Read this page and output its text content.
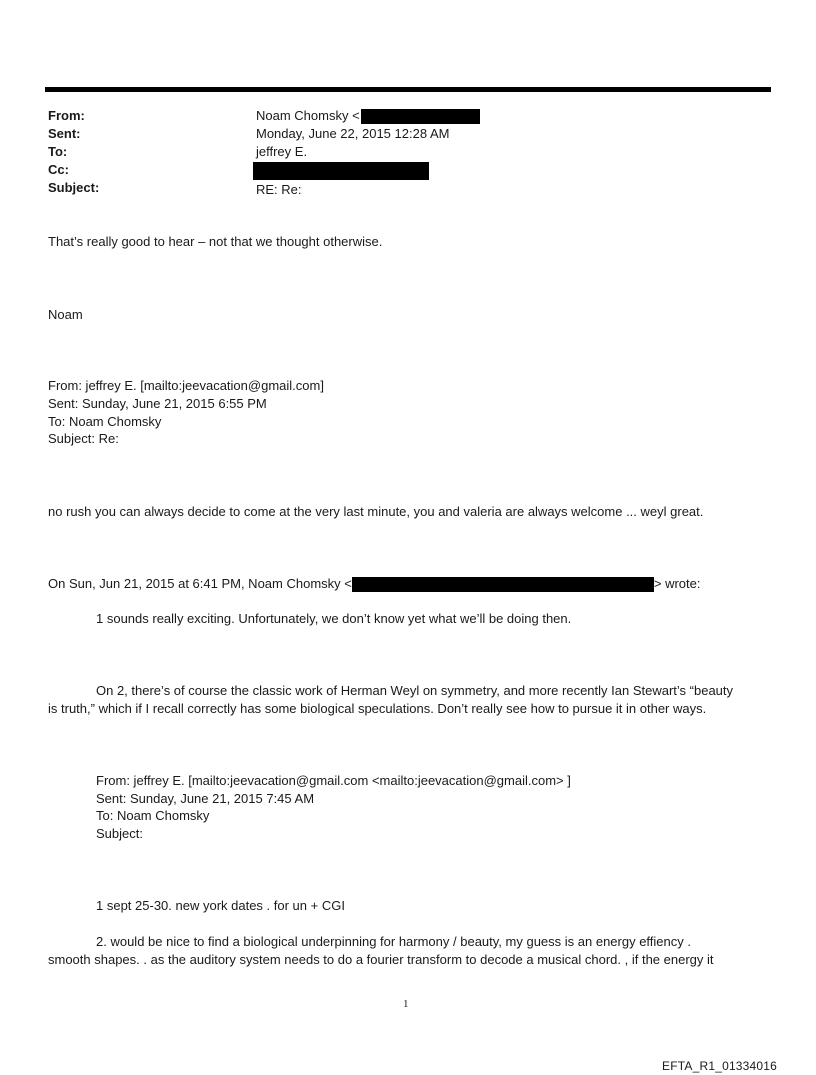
From:	Noam Chomsky <
Sent:	Monday, June 22, 2015 12:28 AM
To:	jeffrey E.
Cc:
Subject:	RE: Re:
That’s really good to hear – not that we thought otherwise.
Noam
From: jeffrey E. [mailto:jeevacation@gmail.com]
Sent: Sunday, June 21, 2015 6:55 PM
To: Noam Chomsky
Subject: Re:
no rush you can always decide to come at the very last minute, you and valeria are always welcome ... weyl great.
On Sun, Jun 21, 2015 at 6:41 PM, Noam Chomsky <	> wrote:
1 sounds really exciting. Unfortunately, we don’t know yet what we’ll be doing then.
On 2, there’s of course the classic work of Herman Weyl on symmetry, and more recently Ian Stewart’s “beauty
is truth,” which if I recall correctly has some biological speculations. Don’t really see how to pursue it in other ways.
From: jeffrey E. [mailto:jeevacation@gmail.com <mailto:jeevacation@gmail.com> ]
Sent: Sunday, June 21, 2015 7:45 AM
To: Noam Chomsky
Subject:
1 sept 25-30. new york dates . for un + CGI
2. would be nice to find a biological underpinning for harmony / beauty, my guess is an energy effiency .
smooth shapes. . as the auditory system needs to do a fourier transform to decode a musical chord. , if the energy it
1
EFTA_R1_01334016
